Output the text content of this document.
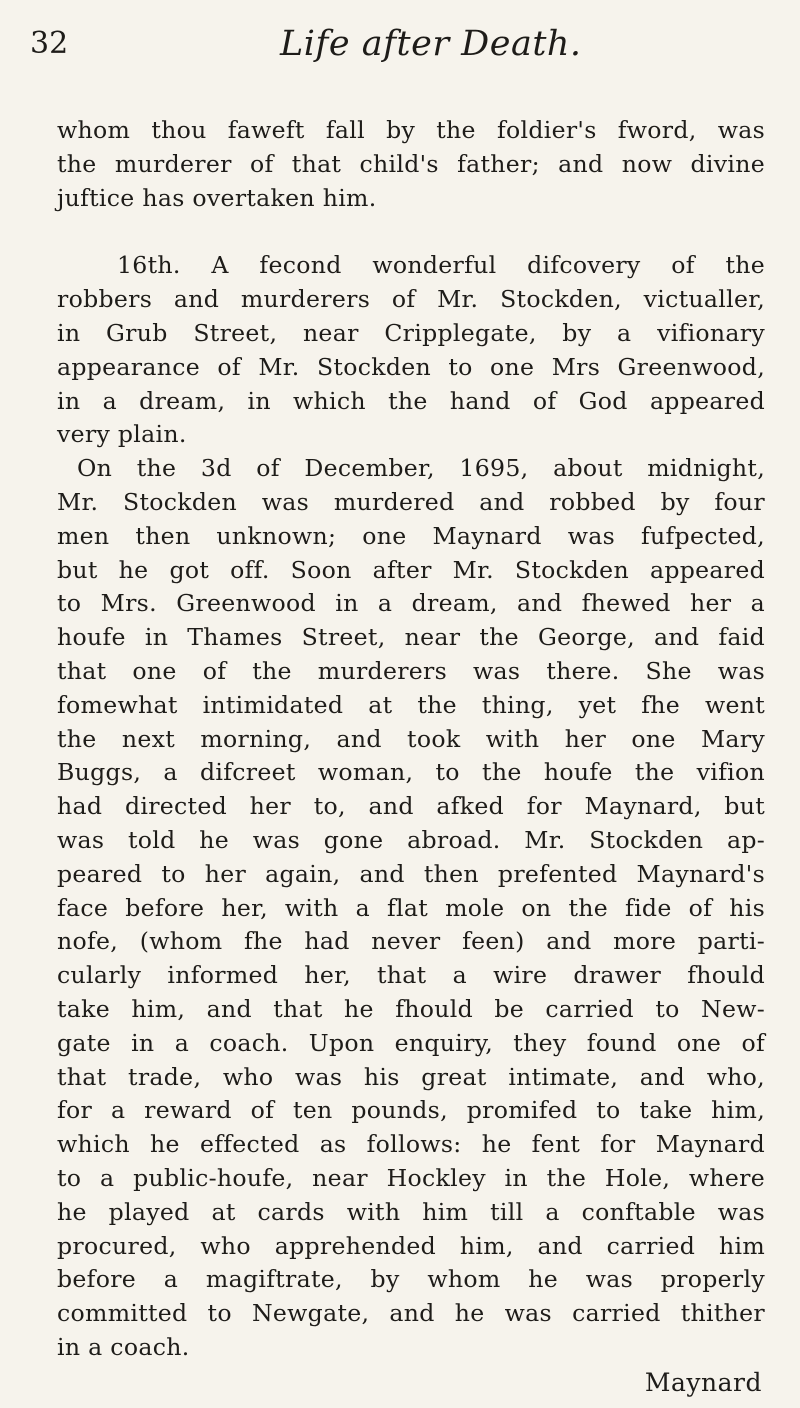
32	Life after Death.
whom thou faweft fall by the foldier's fword, was
the murderer of that child's father; and now divine
juftice has overtaken him.
16th. A fecond wonderful difcovery of the
robbers and murderers of Mr. Stockden, victualler,
in Grub Street, near Cripplegate, by a vifionary
appearance of Mr. Stockden to one Mrs Greenwood,
in a dream, in which the hand of God appeared
very plain.
On the 3d of December, 1695, about midnight,
Mr. Stockden was murdered and robbed by four
men then unknown; one Maynard was fufpected,
but he got off. Soon after Mr. Stockden appeared
to Mrs. Greenwood in a dream, and fhewed her a
houfe in Thames Street, near the George, and faid
that one of the murderers was there. She was
fomewhat intimidated at the thing, yet fhe went
the next morning, and took with her one Mary
Buggs, a difcreet woman, to the houfe the vifion
had directed her to, and afked for Maynard, but
was told he was gone abroad. Mr. Stockden ap-
peared to her again, and then prefented Maynard's
face before her, with a flat mole on the fide of his
nofe, (whom fhe had never feen) and more parti-
cularly informed her, that a wire drawer fhould
take him, and that he fhould be carried to New-
gate in a coach. Upon enquiry, they found one of
that trade, who was his great intimate, and who,
for a reward of ten pounds, promifed to take him,
which he effected as follows: he fent for Maynard
to a public-houfe, near Hockley in the Hole, where
he played at cards with him till a conftable was
procured, who apprehended him, and carried him
before a magiftrate, by whom he was properly
committed to Newgate, and he was carried thither
in a coach.
Maynard
